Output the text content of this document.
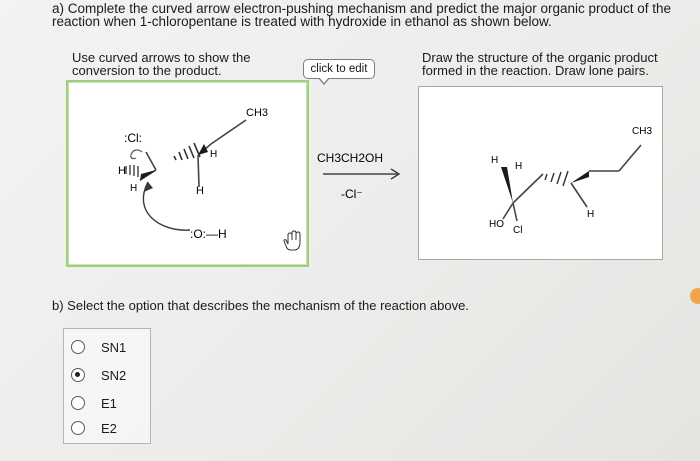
a) Complete the curved arrow electron-pushing mechanism and predict the major organic product of the reaction when 1-chloropentane is treated with hydroxide in ethanol as shown below.
Use curved arrows to show the conversion to the product.
Draw the structure of the organic product formed in the reaction. Draw lone pairs.
click to edit
CH3
:Cl:
H
H
H	H
:O:—H
CH3CH2OH
-Cl⁻
CH3
H
H
H
HO
Cl
b) Select the option that describes the mechanism of the reaction above.
SN1
SN2
E1
E2
